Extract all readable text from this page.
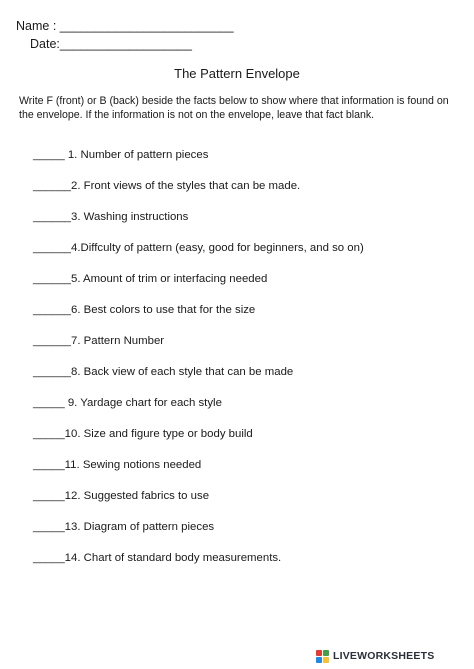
Name : _________________________
Date:___________________
The Pattern Envelope
Write F (front) or B (back) beside the facts below to show where that information is found on the envelope. If the information is not on the envelope, leave that fact blank.
_____ 1. Number of pattern pieces
______2. Front views of the styles that can be made.
______3. Washing instructions
______4.Diffculty of pattern (easy, good for beginners, and so on)
______5. Amount of trim or interfacing needed
______6. Best colors to use that for the size
______7. Pattern Number
______8. Back view of each style that can be made
_____ 9. Yardage chart for each style
_____10. Size and figure type or body build
_____11. Sewing notions needed
_____12. Suggested fabrics to use
_____13. Diagram of pattern pieces
_____14. Chart of standard body measurements.
LIVEWORKSHEETS
